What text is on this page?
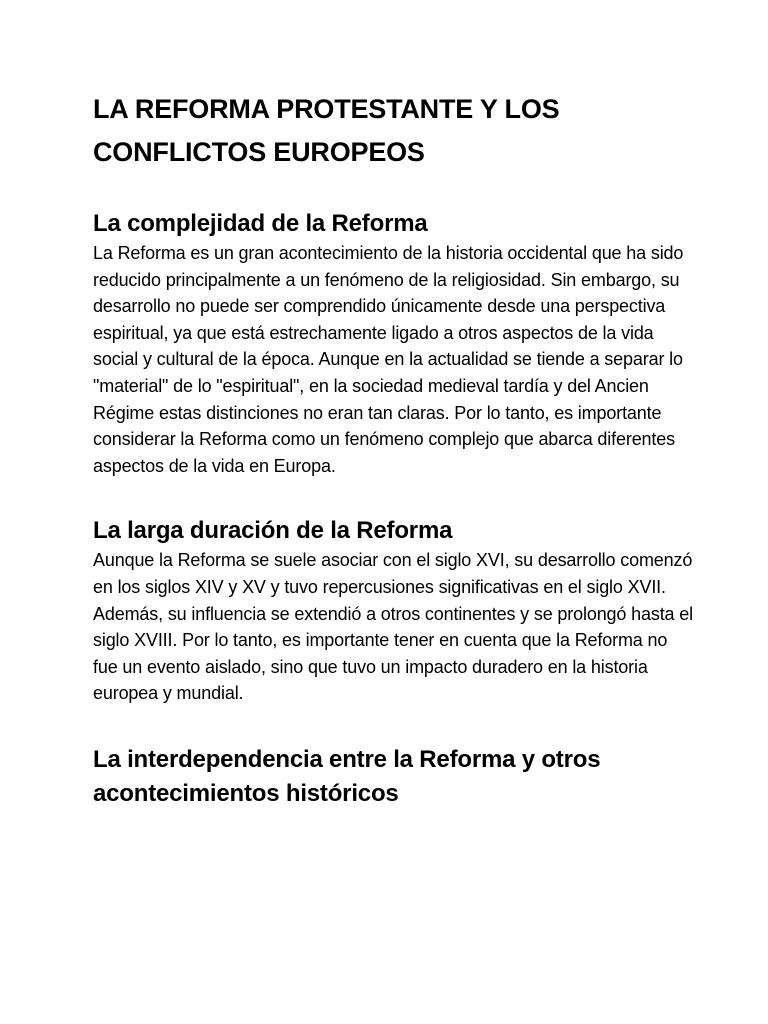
LA REFORMA PROTESTANTE Y LOS CONFLICTOS EUROPEOS
La complejidad de la Reforma

La Reforma es un gran acontecimiento de la historia occidental que ha sido reducido principalmente a un fenómeno de la religiosidad. Sin embargo, su desarrollo no puede ser comprendido únicamente desde una perspectiva espiritual, ya que está estrechamente ligado a otros aspectos de la vida social y cultural de la época. Aunque en la actualidad se tiende a separar lo "material" de lo "espiritual", en la sociedad medieval tardía y del Ancien Régime estas distinciones no eran tan claras. Por lo tanto, es importante considerar la Reforma como un fenómeno complejo que abarca diferentes aspectos de la vida en Europa.

La larga duración de la Reforma

Aunque la Reforma se suele asociar con el siglo XVI, su desarrollo comenzó en los siglos XIV y XV y tuvo repercusiones significativas en el siglo XVII. Además, su influencia se extendió a otros continentes y se prolongó hasta el siglo XVIII. Por lo tanto, es importante tener en cuenta que la Reforma no fue un evento aislado, sino que tuvo un impacto duradero en la historia europea y mundial.

La interdependencia entre la Reforma y otros acontecimientos históricos
